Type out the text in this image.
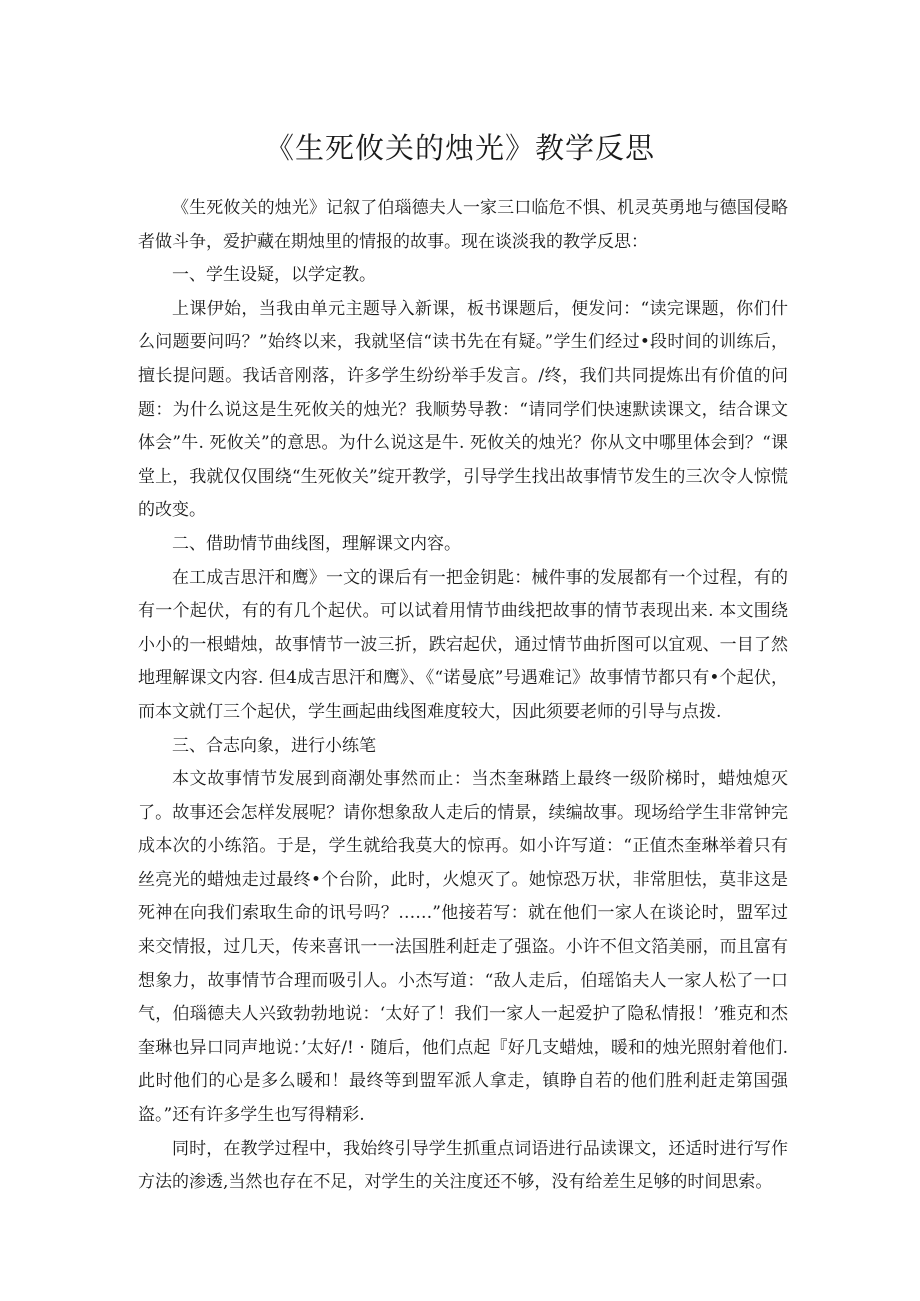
《生死攸关的烛光》教学反思

《生死攸关的烛光》记叙了伯瑙德夫人一家三口临危不惧、机灵英勇地与德国侵略者做斗争，爱护藏在期烛里的情报的故事。现在谈淡我的教学反思：

一、学生设疑，以学定教。

上课伊始，当我由单元主题导入新课，板书课题后，便发问：“读完课题，你们什么问题要问吗？”始终以来，我就坚信“读书先在有疑。”学生们经过•段时间的训练后，擅长提问题。我话音刚落，许多学生纷纷举手发言。/终，我们共同提炼出有价值的问题：为什么说这是生死攸关的烛光？我顺势导教：“请同学们快速默读课文，结合课文体会”牛. 死攸关”的意思。为什么说这是牛. 死攸关的烛光？你从文中哪里体会到？“课堂上，我就仅仅围绕“生死攸关”绽开教学，引导学生找出故事情节发生的三次令人惊慌的改变。

二、借助情节曲线图，理解课文内容。

在工成吉思汗和鹰》一文的课后有一把金钥匙：械件事的发展都有一个过程，有的有一个起伏，有的有几个起伏。可以试着用情节曲线把故事的情节表现出来. 本文围绕小小的一根蜡烛，故事情节一波三折，跌宕起伏，通过情节曲折图可以宜观、一目了然地理解课文内容. 但4成吉思汗和鹰》、《“诺曼底”号遇难记》故事情节都只有•个起伏，而本文就仃三个起伏，学生画起曲线图难度较大，因此须要老师的引导与点拨.

三、合志向象，进行小练笔

本文故事情节发展到商潮处事然而止：当杰奎琳踏上最终一级阶梯时，蜡烛熄灭了。故事还会怎样发展呢？请你想象敌人走后的情景，续编故事。现场给学生非常钟完成本次的小练箔。于是，学生就给我莫大的惊再。如小许写道：“正值杰奎琳举着只有丝亮光的蜡烛走过最终•个台阶，此时，火熄灭了。她惊恐万状，非常胆怯，莫非这是死神在向我们索取生命的讯号吗？……”他接若写：就在他们一家人在谈论时，盟军过来交情报，过几天，传来喜讯一一法国胜利赶走了强盗。小许不但文箔美丽，而且富有想象力，故事情节合理而吸引人。小杰写道：“敌人走后，伯瑶馅夫人一家人松了一口气，伯瑙德夫人兴致勃勃地说：‘太好了！我们一家人一起爱护了隐私情报！’雅克和杰奎琳也异口同声地说：’太好/! · 随后，他们点起『好几支蜡烛，暖和的烛光照射着他们. 此时他们的心是多么暖和！最终等到盟军派人拿走，镇睁自若的他们胜利赶走第国强盗。”还有许多学生也写得精彩.

同时，在教学过程中，我始终引导学生抓重点词语进行品读课文，还适时进行写作方法的渗透,当然也存在不足，对学生的关注度还不够，没有给差生足够的时间思索。
